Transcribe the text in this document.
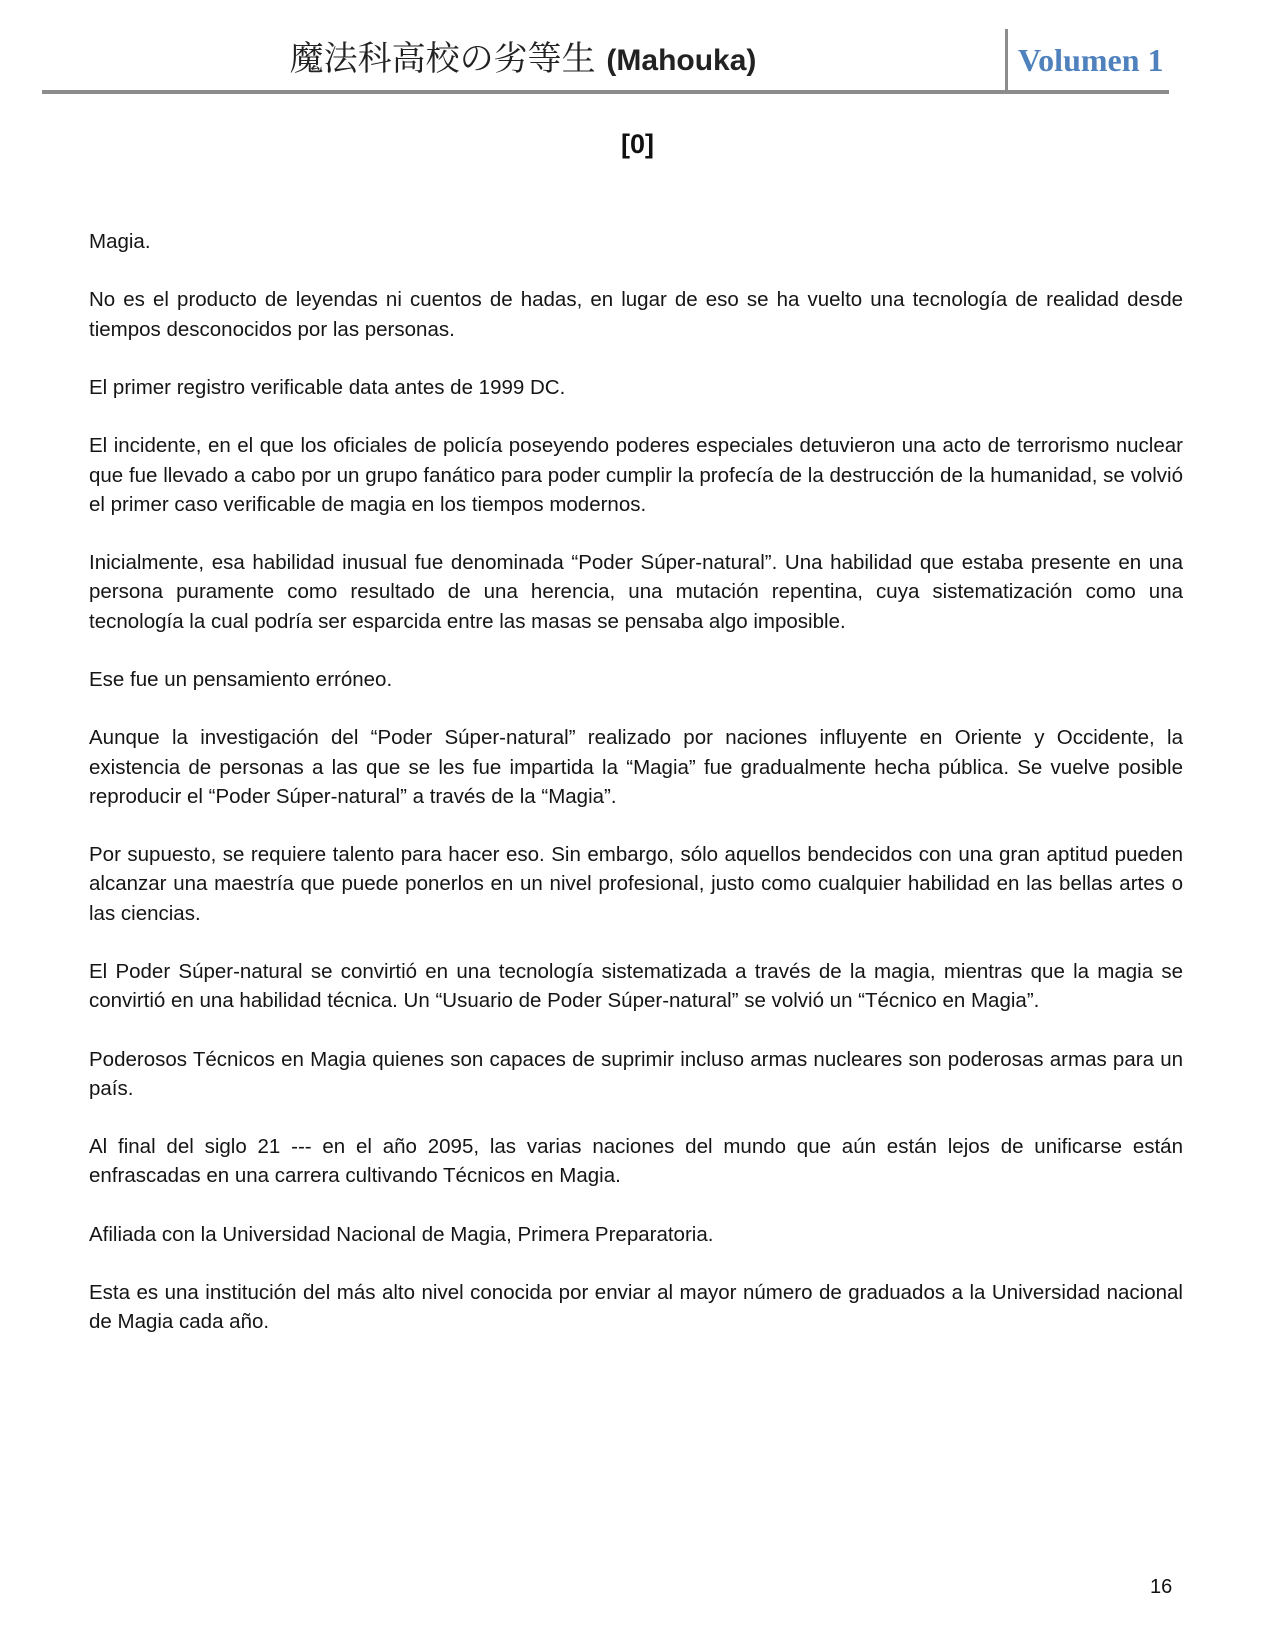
魔法科高校の劣等生 (Mahouka)	Volumen 1
[0]

Magia.

No es el producto de leyendas ni cuentos de hadas, en lugar de eso se ha vuelto una tecnología de realidad desde tiempos desconocidos por las personas.

El primer registro verificable data antes de 1999 DC.

El incidente, en el que los oficiales de policía poseyendo poderes especiales detuvieron una acto de terrorismo nuclear que fue llevado a cabo por un grupo fanático para poder cumplir la profecía de la destrucción de la humanidad, se volvió el primer caso verificable de magia en los tiempos modernos.

Inicialmente, esa habilidad inusual fue denominada “Poder Súper-natural”. Una habilidad que estaba presente en una persona puramente como resultado de una herencia, una mutación repentina, cuya sistematización como una tecnología la cual podría ser esparcida entre las masas se pensaba algo imposible.

Ese fue un pensamiento erróneo.

Aunque la investigación del “Poder Súper-natural” realizado por naciones influyente en Oriente y Occidente, la existencia de personas a las que se les fue impartida la “Magia” fue gradualmente hecha pública. Se vuelve posible reproducir el “Poder Súper-natural” a través de la “Magia”.

Por supuesto, se requiere talento para hacer eso. Sin embargo, sólo aquellos bendecidos con una gran aptitud pueden alcanzar una maestría que puede ponerlos en un nivel profesional, justo como cualquier habilidad en las bellas artes o las ciencias.

El Poder Súper-natural se convirtió en una tecnología sistematizada a través de la magia, mientras que la magia se convirtió en una habilidad técnica. Un “Usuario de Poder Súper-natural” se volvió un “Técnico en Magia”.

Poderosos Técnicos en Magia quienes son capaces de suprimir incluso armas nucleares son poderosas armas para un país.

Al final del siglo 21 --- en el año 2095, las varias naciones del mundo que aún están lejos de unificarse están enfrascadas en una carrera cultivando Técnicos en Magia.

Afiliada con la Universidad Nacional de Magia, Primera Preparatoria.

Esta es una institución del más alto nivel conocida por enviar al mayor número de graduados a la Universidad nacional de Magia cada año.

16
